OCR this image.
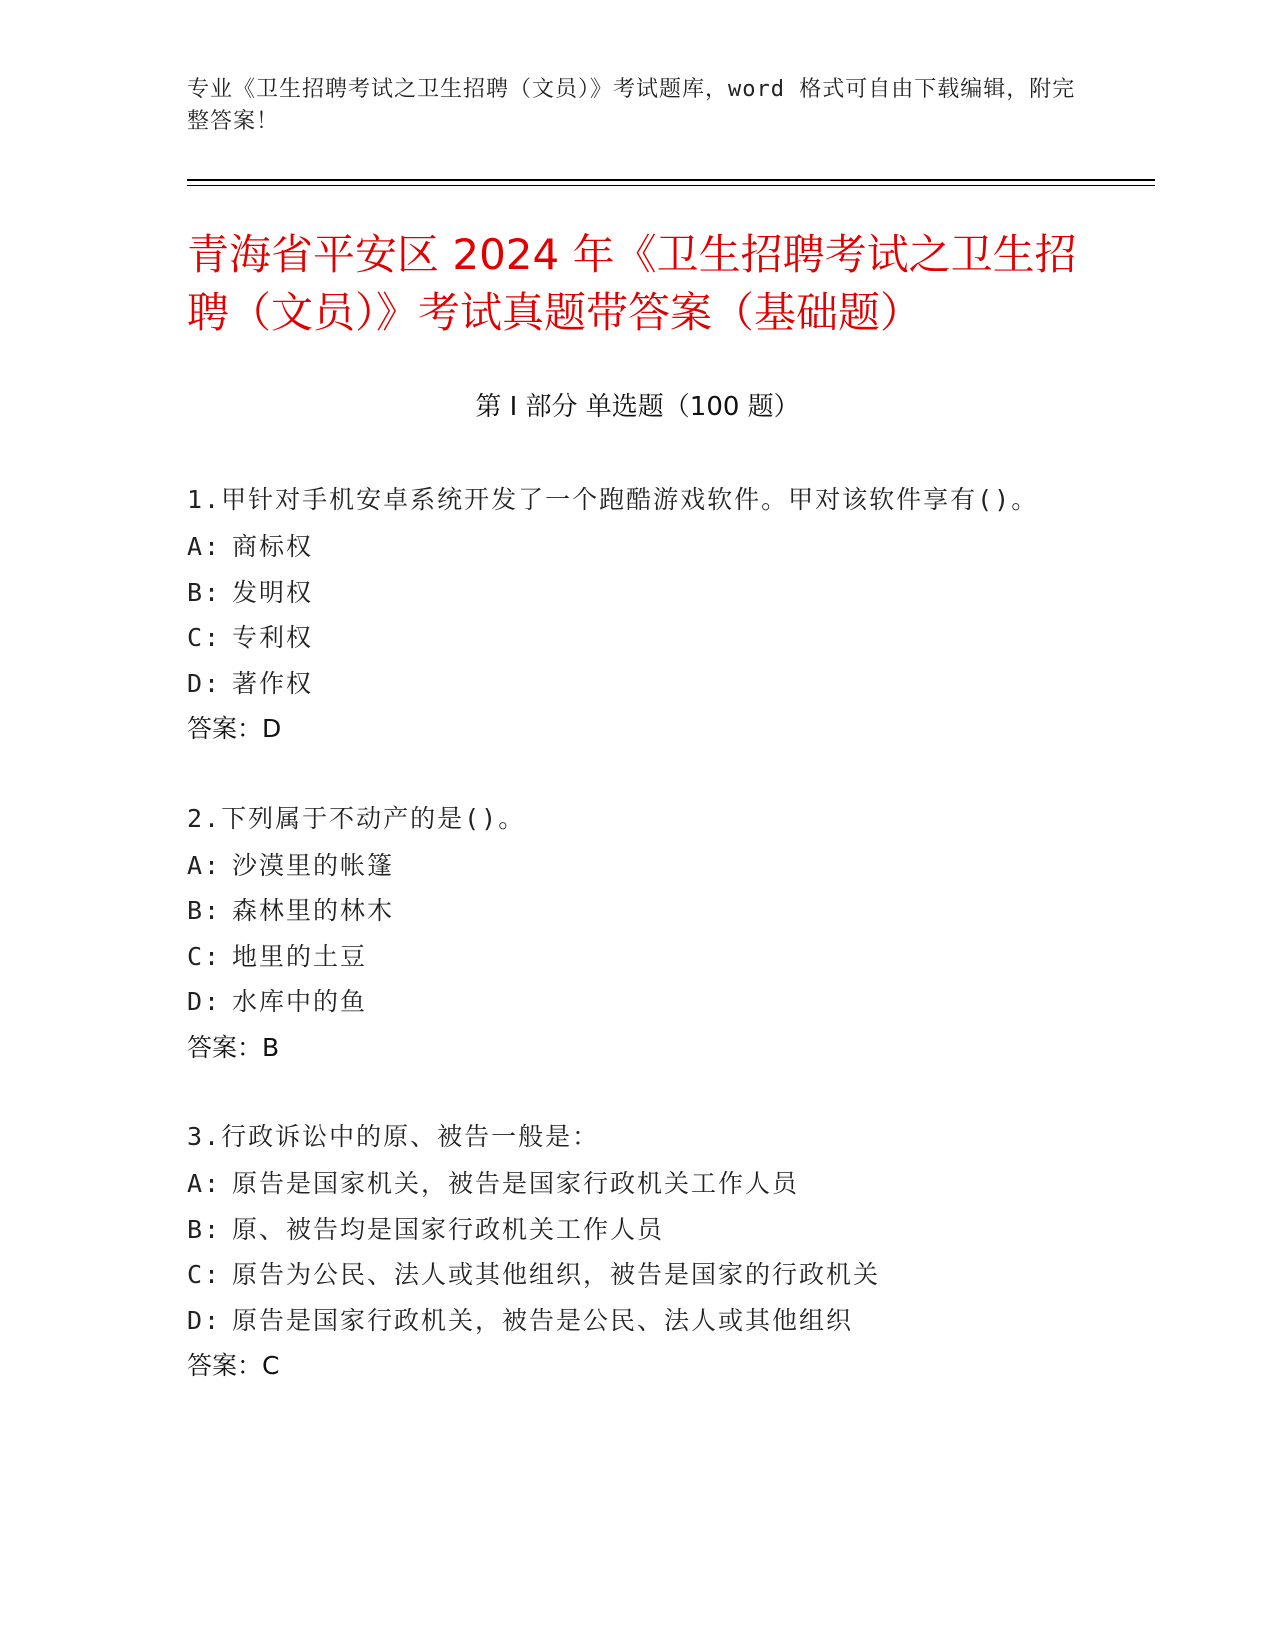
专业《卫生招聘考试之卫生招聘（文员）》考试题库，word 格式可自由下载编辑，附完整答案！
青海省平安区 2024 年《卫生招聘考试之卫生招聘（文员）》考试真题带答案（基础题）
第 I 部分 单选题（100 题）

1.甲针对手机安卓系统开发了一个跑酷游戏软件。甲对该软件享有()。

A: 商标权

B: 发明权

C: 专利权

D: 著作权

答案：D

2.下列属于不动产的是()。

A: 沙漠里的帐篷

B: 森林里的林木

C: 地里的土豆

D: 水库中的鱼

答案：B

3.行政诉讼中的原、被告一般是：

A: 原告是国家机关，被告是国家行政机关工作人员

B: 原、被告均是国家行政机关工作人员

C: 原告为公民、法人或其他组织，被告是国家的行政机关

D: 原告是国家行政机关，被告是公民、法人或其他组织

答案：C
